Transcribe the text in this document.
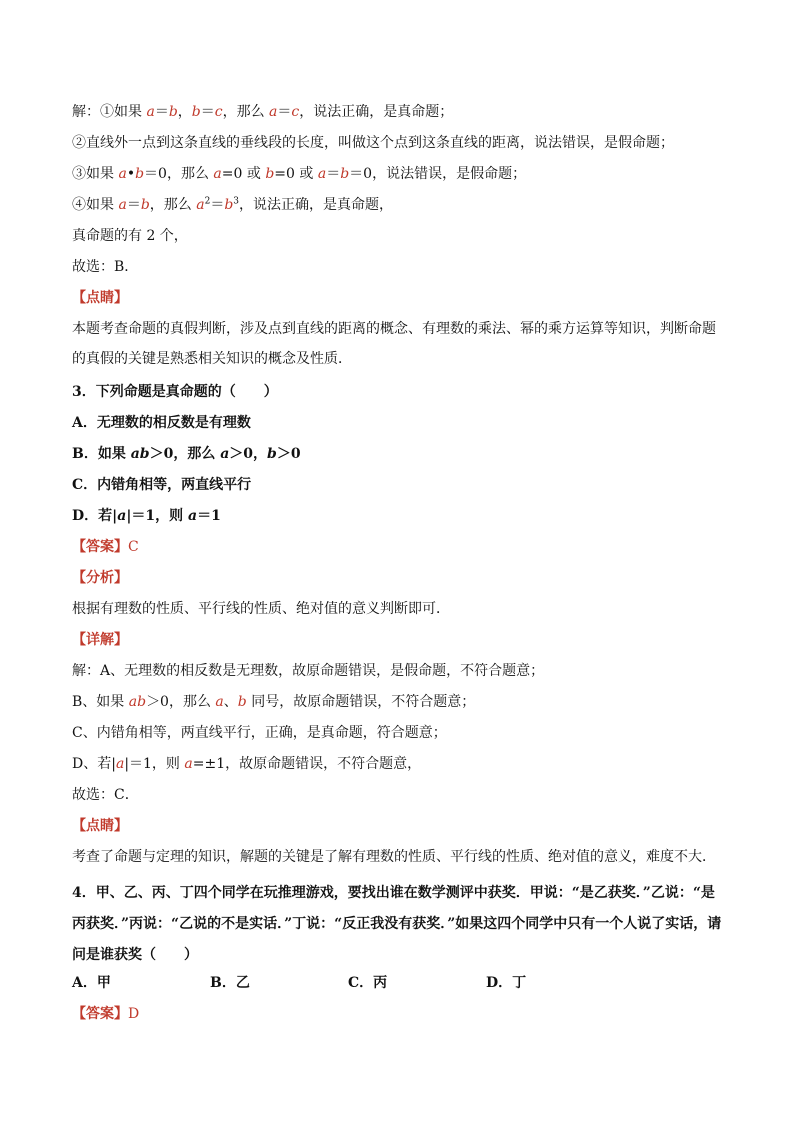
解：①如果 a＝b，b＝c，那么 a＝c，说法正确，是真命题；
②直线外一点到这条直线的垂线段的长度，叫做这个点到这条直线的距离，说法错误，是假命题；
③如果 a•b＝0，那么 a=0 或 b=0 或 a＝b＝0，说法错误，是假命题；
④如果 a＝b，那么 $a^2=b^3$，说法正确，是真命题，
真命题的有 2 个，
故选：B．
【点睛】
本题考查命题的真假判断，涉及点到直线的距离的概念、有理数的乘法、幂的乘方运算等知识，判断命题的真假的关键是熟悉相关知识的概念及性质．
3．下列命题是真命题的（　　）
A．无理数的相反数是有理数
B．如果 ab＞0，那么 a＞0，b＞0
C．内错角相等，两直线平行
D．若|a|＝1，则 a＝1
【答案】C
【分析】
根据有理数的性质、平行线的性质、绝对值的意义判断即可．
【详解】
解：A、无理数的相反数是无理数，故原命题错误，是假命题，不符合题意；
B、如果 ab＞0，那么 a、b 同号，故原命题错误，不符合题意；
C、内错角相等，两直线平行，正确，是真命题，符合题意；
D、若|a|＝1，则 a=±1，故原命题错误，不符合题意，
故选：C．
【点睛】
考查了命题与定理的知识，解题的关键是了解有理数的性质、平行线的性质、绝对值的意义，难度不大．
4．甲、乙、丙、丁四个同学在玩推理游戏，要找出谁在数学测评中获奖．甲说：“是乙获奖．”乙说：“是丙获奖．”丙说：“乙说的不是实话．”丁说：“反正我没有获奖．”如果这四个同学中只有一个人说了实话，请问是谁获奖（　　）
A．甲	B．乙	C．丙	D．丁
【答案】D
